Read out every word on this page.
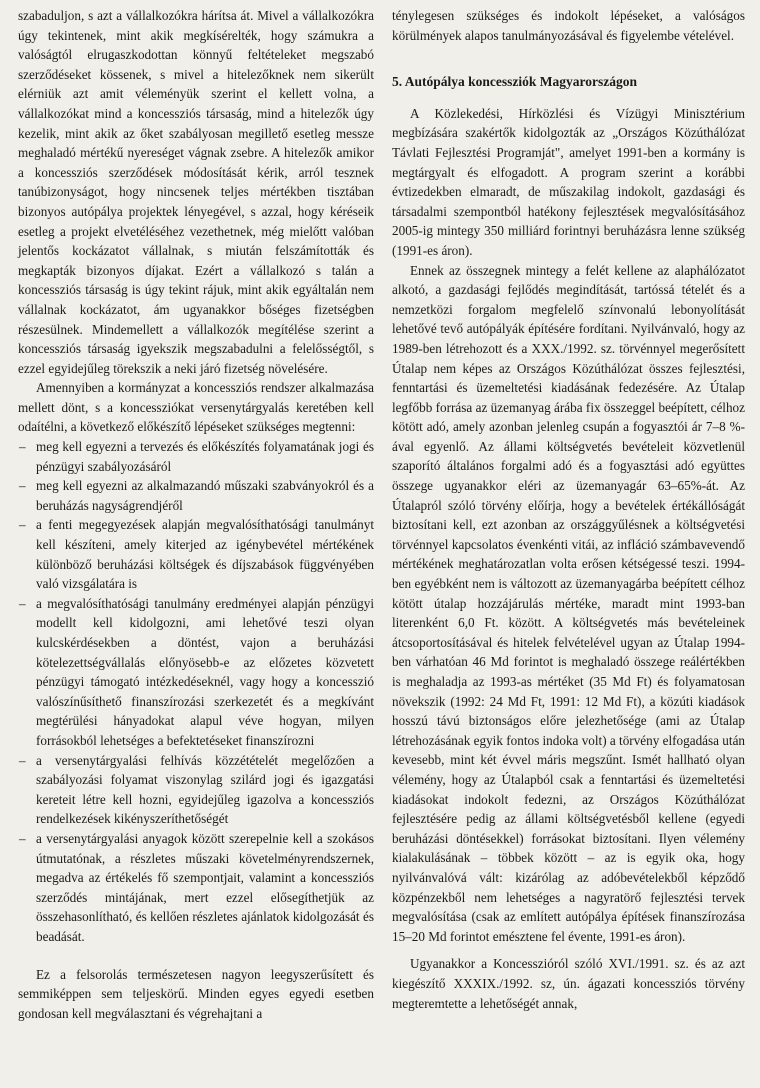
szabaduljon, s azt a vállalkozókra hárítsa át. Mivel a vállalkozókra úgy tekintenek, mint akik megkísérelték, hogy számukra a valóságtól elrugaszkodottan könnyű feltételeket megszabó szerződéseket kössenek, s mivel a hitelezőknek nem sikerült elérniük azt amit véleményük szerint el kellett volna, a vállalkozókat mind a koncessziós társaság, mind a hitelezők úgy kezelik, mint akik az őket szabályosan megillető esetleg messze meghaladó mértékű nyereséget vágnak zsebre. A hitelezők amikor a koncessziós szerződések módosítását kérik, arról tesznek tanúbizonyságot, hogy nincsenek teljes mértékben tisztában bizonyos autópálya projektek lényegével, s azzal, hogy kéréseik esetleg a projekt elvetéléséhez vezethetnek, még mielőtt valóban jelentős kockázatot vállalnak, s miután felszámították és megkapták bizonyos díjakat. Ezért a vállalkozó s talán a koncessziós társaság is úgy tekint rájuk, mint akik egyáltalán nem vállalnak kockázatot, ám ugyanakkor bőséges fizetségben részesülnek. Mindemellett a vállalkozók megítélése szerint a koncessziós társaság igyekszik megszabadulni a felelősségtől, s ezzel egyidejűleg törekszik a neki járó fizetség növelésére.

Amennyiben a kormányzat a koncessziós rendszer alkalmazása mellett dönt, s a koncessziókat versenytárgyalás keretében kell odaítélni, a következő előkészítő lépéseket szükséges megtenni:

– meg kell egyezni a tervezés és előkészítés folyamatának jogi és pénzügyi szabályozásáról
– meg kell egyezni az alkalmazandó műszaki szabványokról és a beruházás nagyságrendjéről
– a fenti megegyezések alapján megvalósíthatósági tanulmányt kell készíteni, amely kiterjed az igénybevétel mértékének különböző beruházási költségek és díjszabások függvényében való vizsgálatára is
– a megvalósíthatósági tanulmány eredményei alapján pénzügyi modellt kell kidolgozni, ami lehetővé teszi olyan kulcskérdésekben a döntést, vajon a beruházási kötelezettségvállalás előnyösebb-e az előzetes közvetett pénzügyi támogató intézkedéseknél, vagy hogy a koncesszió valószínűsíthető finanszírozási szerkezetét és a megkívánt megtérülési hányadokat alapul véve hogyan, milyen forrásokból lehetséges a befektetéseket finanszírozni
– a versenytárgyalási felhívás közzétételét megelőzően a szabályozási folyamat viszonylag szilárd jogi és igazgatási kereteit létre kell hozni, egyidejűleg igazolva a koncessziós rendelkezések kikényszeríthetőségét
– a versenytárgyalási anyagok között szerepelnie kell a szokásos útmutatónak, a részletes műszaki követelményrendszernek, megadva az értékelés fő szempontjait, valamint a koncessziós szerződés mintájának, mert ezzel elősegíthetjük az összehasonlítható, és kellően részletes ajánlatok kidolgozását és beadását.

Ez a felsorolás természetesen nagyon leegyszerűsített és semmiképpen sem teljeskörű. Minden egyes egyedi esetben gondosan kell megválasztani és végrehajtani a

ténylegesen szükséges és indokolt lépéseket, a valóságos körülmények alapos tanulmányozásával és figyelembe vételével.

5. Autópálya koncessziók Magyarországon

A Közlekedési, Hírközlési és Vízügyi Minisztérium megbízására szakértők kidolgozták az „Országos Közúthálózat Távlati Fejlesztési Programját", amelyet 1991-ben a kormány is megtárgyalt és elfogadott. A program szerint a korábbi évtizedekben elmaradt, de műszakilag indokolt, gazdasági és társadalmi szempontból hatékony fejlesztések megvalósításához 2005-ig mintegy 350 milliárd forintnyi beruházásra lenne szükség (1991-es áron).

Ennek az összegnek mintegy a felét kellene az alaphálózatot alkotó, a gazdasági fejlődés megindítását, tartóssá tételét és a nemzetközi forgalom megfelelő színvonalú lebonyolítását lehetővé tevő autópályák építésére fordítani. Nyilvánvaló, hogy az 1989-ben létrehozott és a XXX./1992. sz. törvénnyel megerősített Útalap nem képes az Országos Közúthálózat összes fejlesztési, fenntartási és üzemeltetési kiadásának fedezésére. Az Útalap legfőbb forrása az üzemanyag árába fix összeggel beépített, célhoz kötött adó, amely azonban jelenleg csupán a fogyasztói ár 7–8 %-ával egyenlő. Az állami költségvetés bevételeit közvetlenül szaporító általános forgalmi adó és a fogyasztási adó együttes összege ugyanakkor eléri az üzemanyagár 63–65%-át. Az Útalapról szóló törvény előírja, hogy a bevételek értékállóságát biztosítani kell, ezt azonban az országgyűlésnek a költségvetési törvénnyel kapcsolatos évenkénti vitái, az infláció számbavevendő mértékének meghatározatlan volta erősen kétségessé teszi. 1994-ben egyébként nem is változott az üzemanyagárba beépített célhoz kötött útalap hozzájárulás mértéke, maradt mint 1993-ban literenként 6,0 Ft. között. A költségvetés más bevételeinek átcsoportosításával és hitelek felvételével ugyan az Útalap 1994-ben várhatóan 46 Md forintot is meghaladó összege reálértékben is meghaladja az 1993-as mértéket (35 Md Ft) és folyamatosan növekszik (1992: 24 Md Ft, 1991: 12 Md Ft), a közúti kiadások hosszú távú biztonságos előre jelezhetősége (ami az Útalap létrehozásának egyik fontos indoka volt) a törvény elfogadása után kevesebb, mint két évvel máris megszűnt. Ismét hallható olyan vélemény, hogy az Útalapból csak a fenntartási és üzemeltetési kiadásokat indokolt fedezni, az Országos Közúthálózat fejlesztésére pedig az állami költségvetésből kellene (egyedi beruházási döntésekkel) forrásokat biztosítani. Ilyen vélemény kialakulásának – többek között – az is egyik oka, hogy nyilvánvalóvá vált: kizárólag az adóbevételekből képződő közpénzekből nem lehetséges a nagyratörő fejlesztési tervek megvalósítása (csak az említett autópálya építések finanszírozása 15–20 Md forintot emésztene fel évente, 1991-es áron).

Ugyanakkor a Koncesszióról szóló XVI./1991. sz. és az azt kiegészítő XXXIX./1992. sz, ún. ágazati koncessziós törvény megteremtette a lehetőségét annak,
